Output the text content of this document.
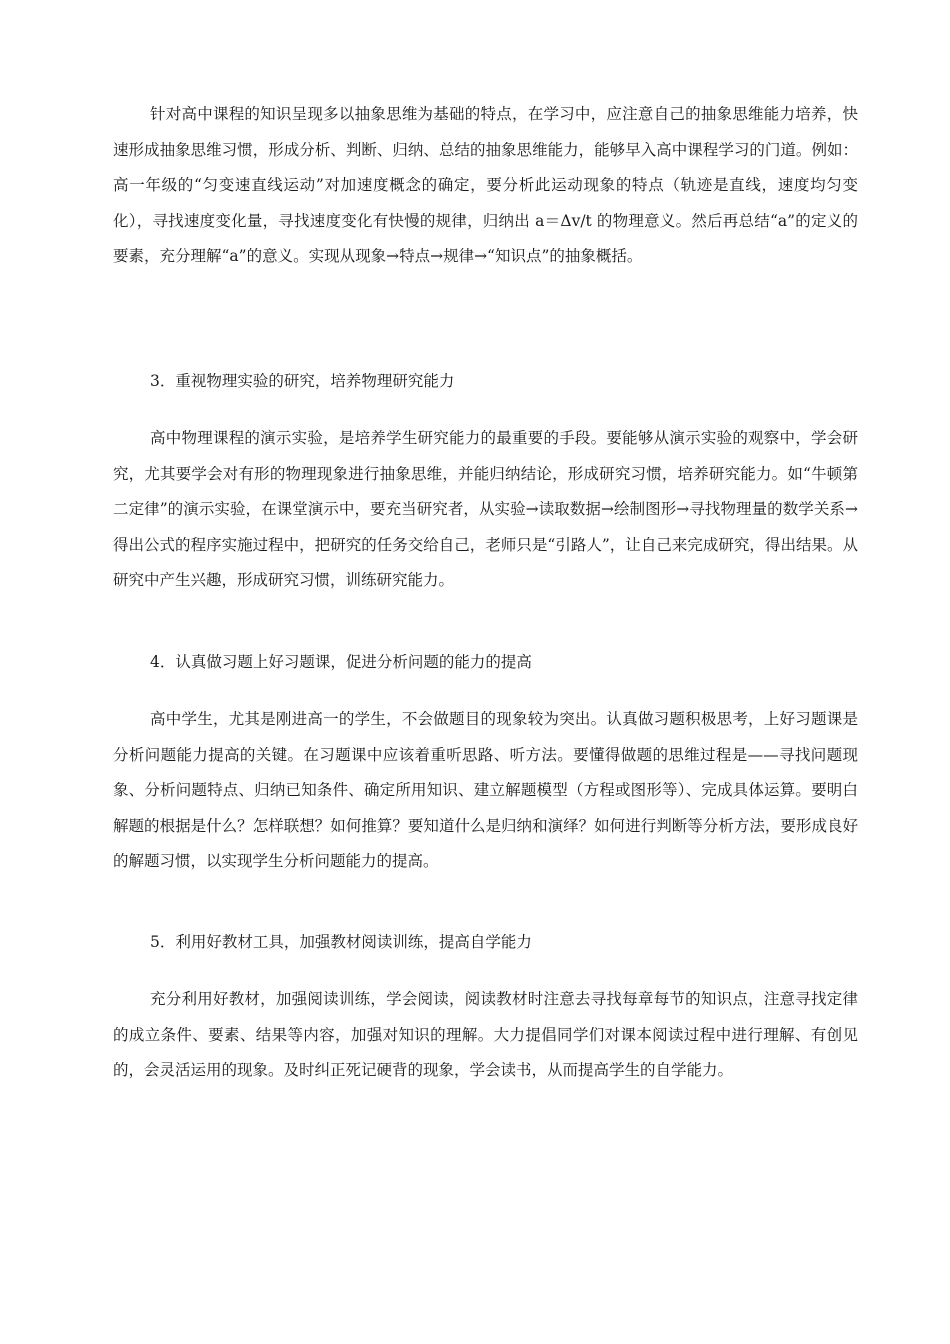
针对高中课程的知识呈现多以抽象思维为基础的特点，在学习中，应注意自己的抽象思维能力培养，快速形成抽象思维习惯，形成分析、判断、归纳、总结的抽象思维能力，能够早入高中课程学习的门道。例如：高一年级的“匀变速直线运动”对加速度概念的确定，要分析此运动现象的特点（轨迹是直线，速度均匀变化），寻找速度变化量，寻找速度变化有快慢的规律，归纳出 a＝Δv/t 的物理意义。然后再总结“a”的定义的要素，充分理解“a”的意义。实现从现象→特点→规律→“知识点”的抽象概括。

3．重视物理实验的研究，培养物理研究能力

高中物理课程的演示实验，是培养学生研究能力的最重要的手段。要能够从演示实验的观察中，学会研究，尤其要学会对有形的物理现象进行抽象思维，并能归纳结论，形成研究习惯，培养研究能力。如“牛顿第二定律”的演示实验，在课堂演示中，要充当研究者，从实验→读取数据→绘制图形→寻找物理量的数学关系→得出公式的程序实施过程中，把研究的任务交给自己，老师只是“引路人”，让自己来完成研究，得出结果。从研究中产生兴趣，形成研究习惯，训练研究能力。

4．认真做习题上好习题课，促进分析问题的能力的提高

高中学生，尤其是刚进高一的学生，不会做题目的现象较为突出。认真做习题积极思考，上好习题课是分析问题能力提高的关键。在习题课中应该着重听思路、听方法。要懂得做题的思维过程是——寻找问题现象、分析问题特点、归纳已知条件、确定所用知识、建立解题模型（方程或图形等）、完成具体运算。要明白解题的根据是什么？怎样联想？如何推算？要知道什么是归纳和演绎？如何进行判断等分析方法，要形成良好的解题习惯，以实现学生分析问题能力的提高。

5．利用好教材工具，加强教材阅读训练，提高自学能力

充分利用好教材，加强阅读训练，学会阅读，阅读教材时注意去寻找每章每节的知识点，注意寻找定律的成立条件、要素、结果等内容，加强对知识的理解。大力提倡同学们对课本阅读过程中进行理解、有创见的，会灵活运用的现象。及时纠正死记硬背的现象，学会读书，从而提高学生的自学能力。
